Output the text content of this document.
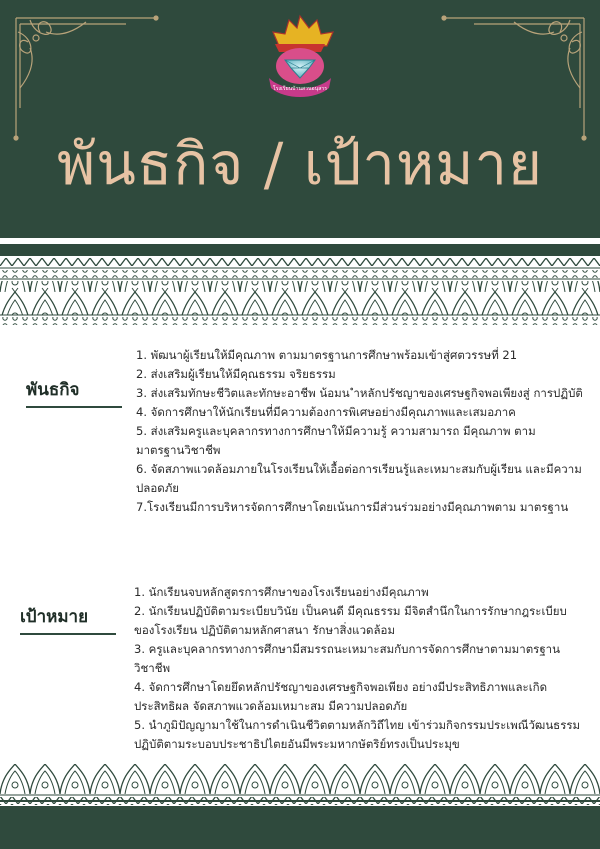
โรงเรียนบ้านสวนอนุสาร
พันธกิจ / เป้าหมาย
พันธกิจ
1. พัฒนาผู้เรียนให้มีคุณภาพ ตามมาตรฐานการศึกษาพร้อมเข้าสู่ศตวรรษที่ 21
2. ส่งเสริมผู้เรียนให้มีคุณธรรม จริยธรรม
3. ส่งเสริมทักษะชีวิตและทักษะอาชีพ น้อมน ำหลักปรัชญาของเศรษฐกิจพอเพียงสู่ การปฏิบัติ
4. จัดการศึกษาให้นักเรียนที่มีความต้องการพิเศษอย่างมีคุณภาพและเสมอภาค
5. ส่งเสริมครูและบุคลากรทางการศึกษาให้มีความรู้ ความสามารถ มีคุณภาพ ตาม มาตรฐานวิชาชีพ
6. จัดสภาพแวดล้อมภายในโรงเรียนให้เอื้อต่อการเรียนรู้และเหมาะสมกับผู้เรียน และมีความปลอดภัย
7.โรงเรียนมีการบริหารจัดการศึกษาโดยเน้นการมีส่วนร่วมอย่างมีคุณภาพตาม มาตรฐาน
เป้าหมาย
1. นักเรียนจบหลักสูตรการศึกษาของโรงเรียนอย่างมีคุณภาพ
2. นักเรียนปฏิบัติตามระเบียบวินัย เป็นคนดี มีคุณธรรม มีจิตสำนึกในการรักษากฎระเบียบของโรงเรียน ปฏิบัติตามหลักศาสนา รักษาสิ่งแวดล้อม
3. ครูและบุคลากรทางการศึกษามีสมรรถนะเหมาะสมกับการจัดการศึกษาตามมาตรฐานวิชาชีพ
4. จัดการศึกษาโดยยึดหลักปรัชญาของเศรษฐกิจพอเพียง อย่างมีประสิทธิภาพและเกิดประสิทธิผล จัดสภาพแวดล้อมเหมาะสม มีความปลอดภัย
5. นำภูมิปัญญามาใช้ในการดำเนินชีวิตตามหลักวิถีไทย เข้าร่วมกิจกรรมประเพณีวัฒนธรรม ปฏิบัติตามระบอบประชาธิปไตยอันมีพระมหากษัตริย์ทรงเป็นประมุข
